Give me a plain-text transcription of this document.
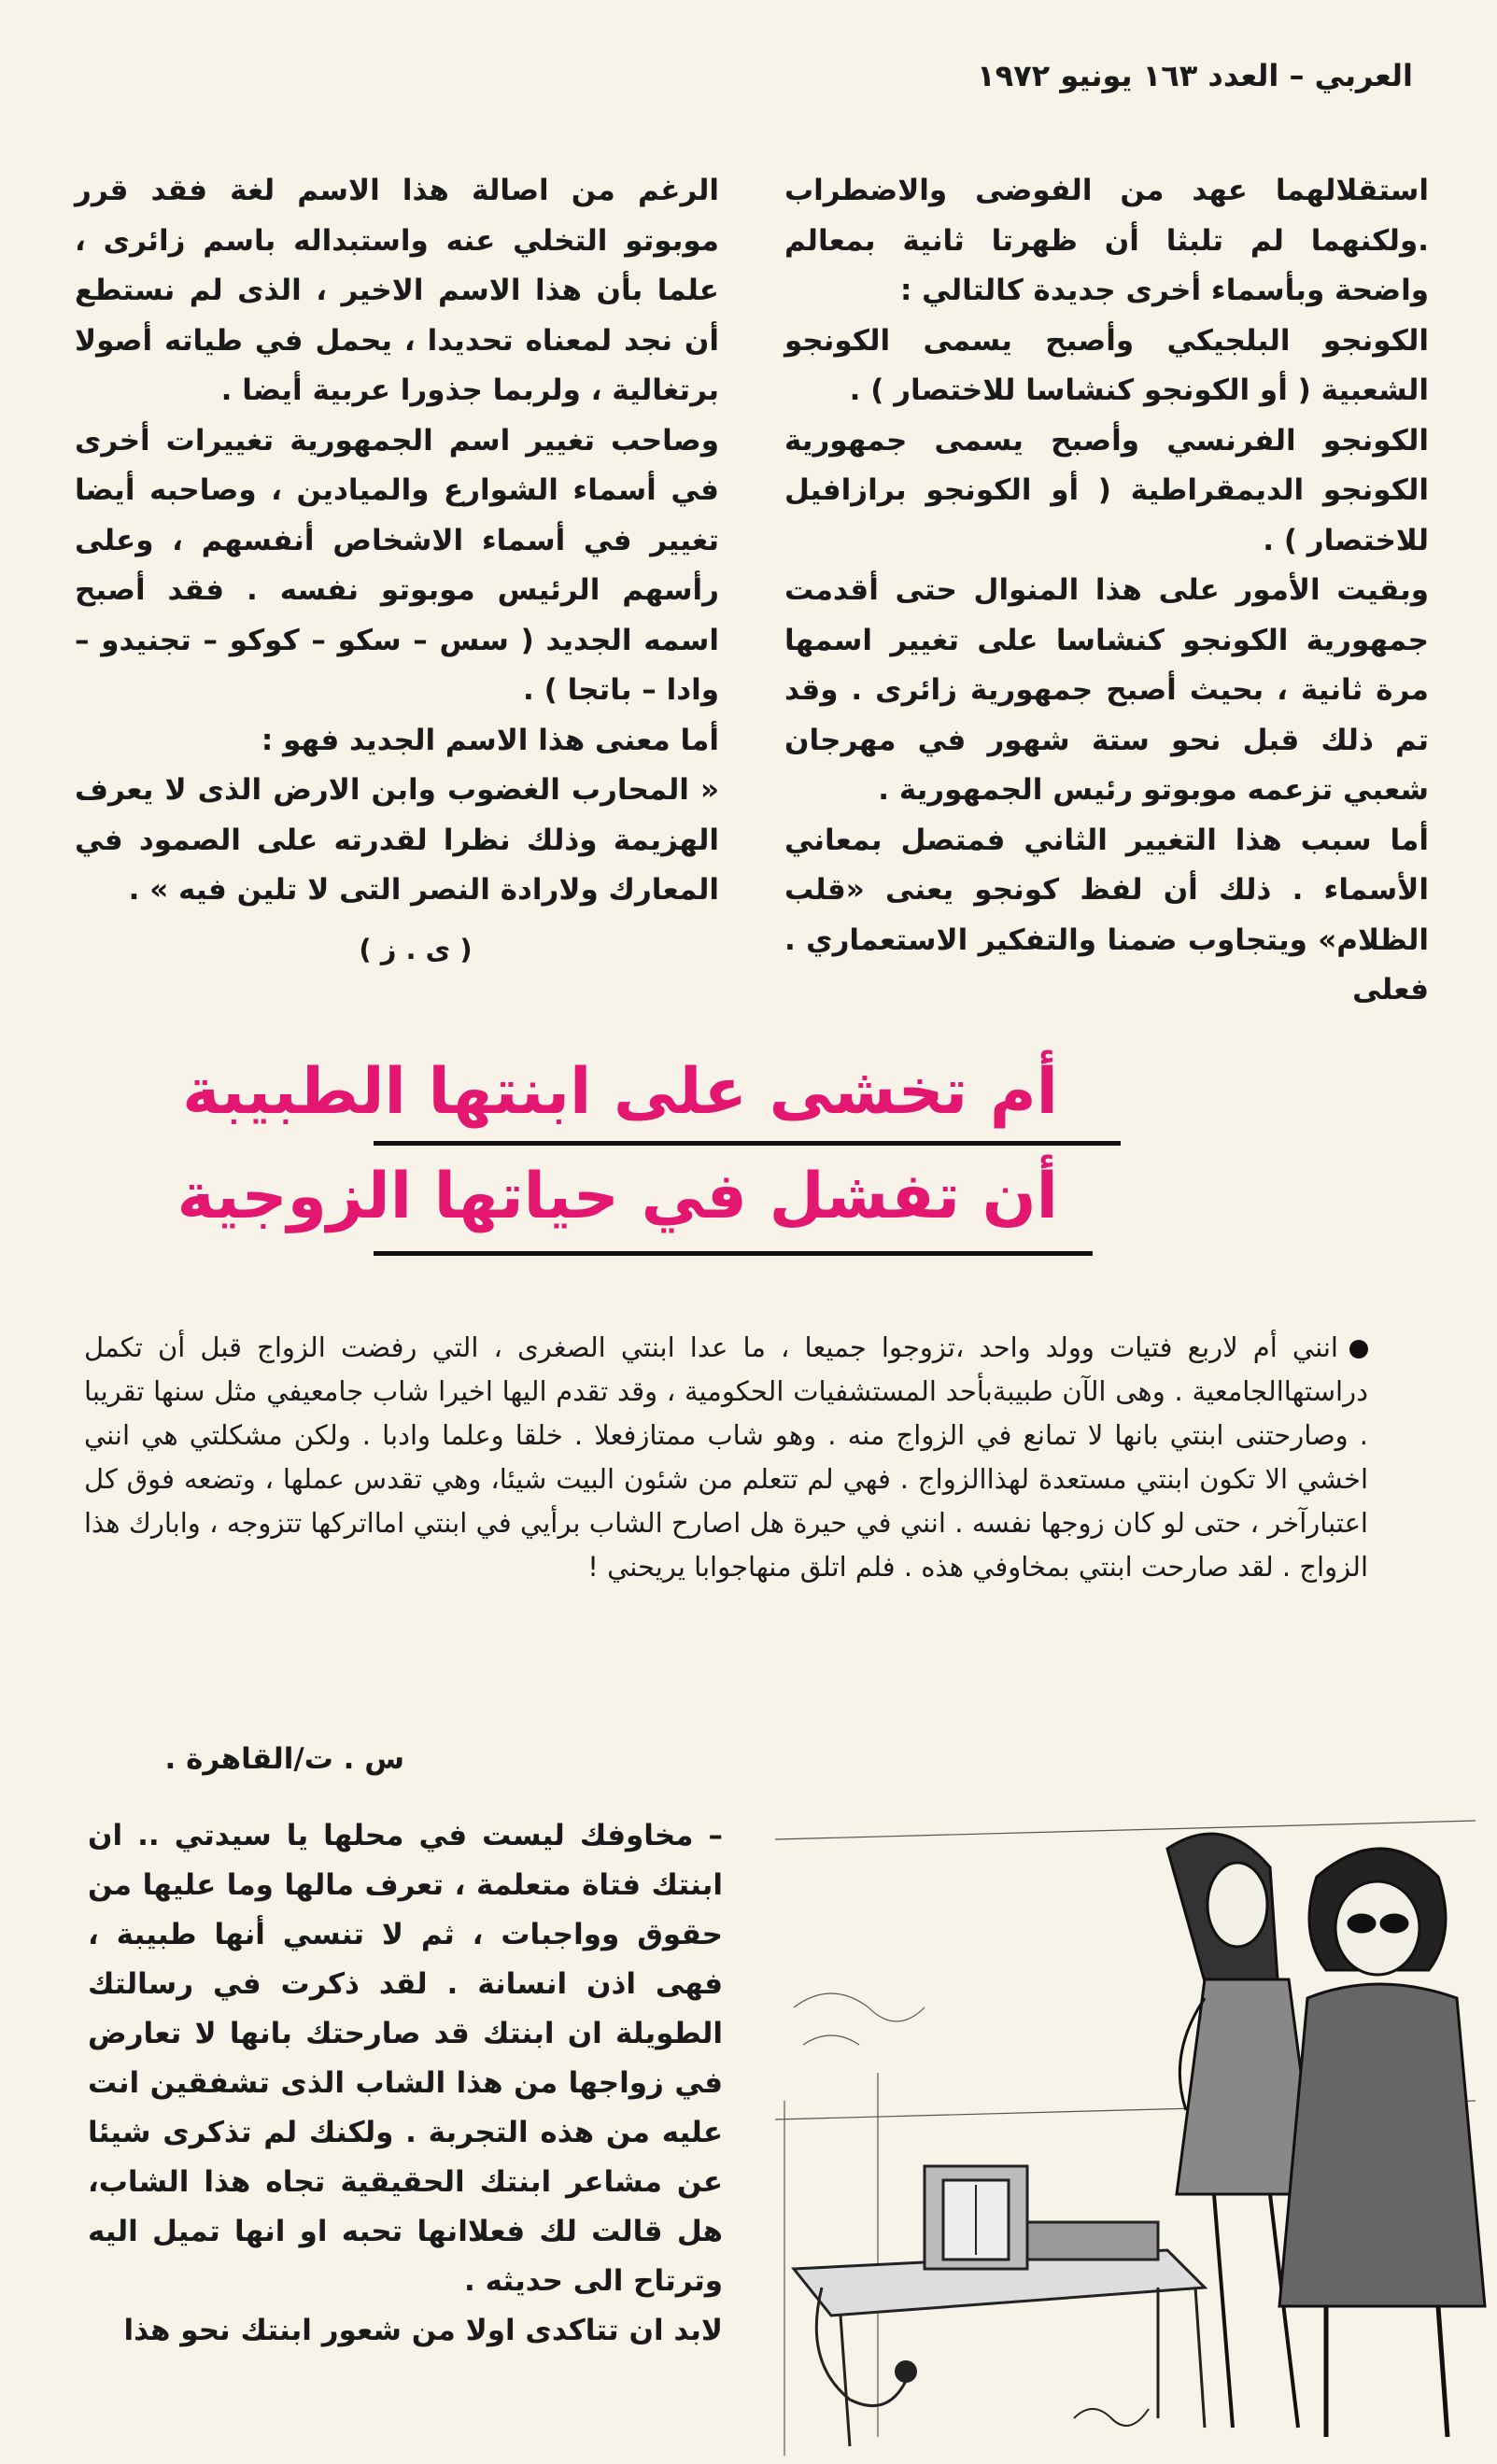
العربي – العدد ١٦٣ يونيو ١٩٧٢

استقلالهما عهد من الفوضى والاضطراب .ولكنهما لم تلبثا أن ظهرتا ثانية بمعالم واضحة وبأسماء أخرى جديدة كالتالي :

الكونجو البلجيكي وأصبح يسمى الكونجو الشعبية ( أو الكونجو كنشاسا للاختصار ) .

الكونجو الفرنسي وأصبح يسمى جمهورية الكونجو الديمقراطية ( أو الكونجو برازافيل للاختصار ) .

وبقيت الأمور على هذا المنوال حتى أقدمت جمهورية الكونجو كنشاسا على تغيير اسمها مرة ثانية ، بحيث أصبح جمهورية زائرى . وقد تم ذلك قبل نحو ستة شهور في مهرجان شعبي تزعمه موبوتو رئيس الجمهورية .

أما سبب هذا التغيير الثاني فمتصل بمعاني الأسماء . ذلك أن لفظ كونجو يعنى «قلب الظلام» ويتجاوب ضمنا والتفكير الاستعماري . فعلى

الرغم من اصالة هذا الاسم لغة فقد قرر موبوتو التخلي عنه واستبداله باسم زائرى ، علما بأن هذا الاسم الاخير ، الذى لم نستطع أن نجد لمعناه تحديدا ، يحمل في طياته أصولا برتغالية ، ولربما جذورا عربية أيضا .

وصاحب تغيير اسم الجمهورية تغييرات أخرى في أسماء الشوارع والميادين ، وصاحبه أيضا تغيير في أسماء الاشخاص أنفسهم ، وعلى رأسهم الرئيس موبوتو نفسه . فقد أصبح اسمه الجديد ( سس – سكو – كوكو – تجنيدو – وادا – باتجا ) .

أما معنى هذا الاسم الجديد فهو :

« المحارب الغضوب وابن الارض الذى لا يعرف الهزيمة وذلك نظرا لقدرته على الصمود في المعارك ولارادة النصر التى لا تلين فيه » .

( ى . ز )
أم تخشى على ابنتها الطبيبة
أن تفشل في حياتها الزوجية
انني أم لاربع فتيات وولد واحد ،تزوجوا جميعا ، ما عدا ابنتي الصغرى ، التي رفضت الزواج قبل أن تكمل دراستهاالجامعية . وهى الآن طبيبةبأحد المستشفيات الحكومية ، وقد تقدم اليها اخيرا شاب جامعيفي مثل سنها تقريبا . وصارحتنى ابنتي بانها لا تمانع في الزواج منه . وهو شاب ممتازفعلا . خلقا وعلما وادبا . ولكن مشكلتي هي انني اخشي الا تكون ابنتي مستعدة لهذاالزواج . فهي لم تتعلم من شئون البيت شيئا، وهي تقدس عملها ، وتضعه فوق كل اعتبارآخر ، حتى لو كان زوجها نفسه . انني في حيرة هل اصارح الشاب برأيي في ابنتي امااتركها تتزوجه ، وابارك هذا الزواج . لقد صارحت ابنتي بمخاوفي هذه . فلم اتلق منهاجوابا يريحني !
س . ت/القاهرة .

– مخاوفك ليست في محلها يا سيدتي .. ان ابنتك فتاة متعلمة ، تعرف مالها وما عليها من حقوق وواجبات ، ثم لا تنسي أنها طبيبة ، فهى اذن انسانة . لقد ذكرت في رسالتك الطويلة ان ابنتك قد صارحتك بانها لا تعارض في زواجها من هذا الشاب الذى تشفقين انت عليه من هذه التجربة . ولكنك لم تذكرى شيئا عن مشاعر ابنتك الحقيقية تجاه هذا الشاب، هل قالت لك فعلاانها تحبه او انها تميل اليه وترتاح الى حديثه .

لابد ان تتاكدى اولا من شعور ابنتك نحو هذا
